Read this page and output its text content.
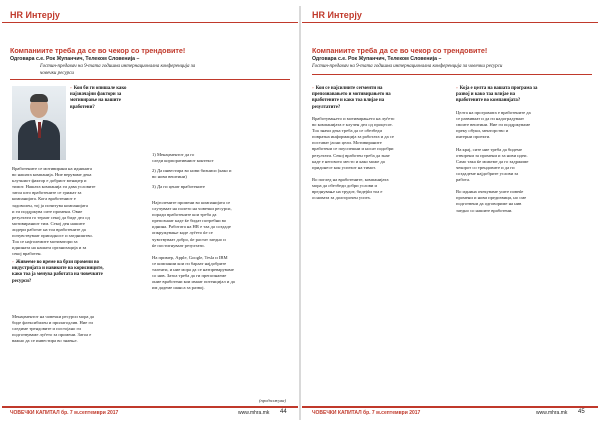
HR Интерју
Компаниите треба да се во чекор со трендовите!
Одговара с.е. Рок Жупанчич, Телеком Словенија –
Гостин-предавач на 9-тата годишна интернационална конференција за
човечки ресурси
▫ Кои би ги опишале како најзначајни фактори за мотивирање на вашите вработени?
Вработените се мотивирани на иднината
во нашата компанија. Ние веруваме дека
клучниот фактор е добриот менаџер и
тимот. Нашата компанија ги дава условите
затоа што вработените се грижат за
компанијата. Кога вработениот е
задоволен, тој ја почитува компанијата
и ги поддржува сите промени. Овие
резултати го тераат секој да биде дел од
мотивираниот тим. Секој ден нашите
лидери работат на тоа вработените да
почувствуваат припадност и заедништво.
Тоа се најголемите мотиватори за
иднината на нашата организација и за
секој вработен.
▫ Живееме во време на брзи промени во
индустријата и навиките на корисниците,
како тоа ја менува работата на човечките
ресурси?
Менаџментот на човечки ресурси мора да
биде флексибилен и прилагодлив. Ние ги
следиме трендовите и постојано ги
подготвуваме луѓето за промени. Затоа е
важно да се инвестира во знаење.
1) Менаџментот да го
следи корпоративниот контекст
2) Да инвестира во нови бизниси (како и
во нови вештини)
3) Да ги ценат вработените
Најголемите промени во компанијата се
случуваат на полето на човечки ресурси,
поради вработените кои треба да
препознаат каде ќе бидат потребни во
иднина. Работата на HR е таа да создаде
опкружување каде луѓето ќе се
чувствуваат добро, ќе растат заедно и
ќе постигнуваат резултати.

На пример, Apple, Google, Tesla и IBM
се компании кои ги бараат најдобрите
таленти, и ние мора да се натпреваруваме
со нив. Затоа треба да ги препознаеме
оние вработени кои имаат потенцијал и да
им дадеме шанса за развој.
(продолжува)
ЧОВЕЧКИ КАПИТАЛ бр. 7 м.септември 2017	www.mhra.mk 44
HR Интерју
Компаниите треба да се во чекор со трендовите!
Одговара с.е. Рок Жупанчич, Телеком Словенија –
Гостин-предавач на 9-тата годишна интернационална конференција за човечки ресурси
▫ Кои се најсилните сегменти на
препознавањето и мотивирањето на
вработените и како тоа влијае на
резултатите?
Вработувањето и мотивирањето на луѓето
во компанијата е клучен дел од процесот.
Тоа значи дека треба да се обезбеди
повратна информација за работата и да се
постават јасни цели. Мотивираните
вработени се поуспешни и носат подобри
резултати. Секој вработен треба да знае
каде е неговото место и како може да
придонесе кон успехот на тимот.

Во поглед на вработените, компанијата
мора да обезбеди добри услови и
вреднување на трудот, бидејќи тоа е
основата за долгорочен успех.
▫ Која е целта на вашата програма за
развој и како таа влијае на
вработените во компанијата?
Целта на програмата е вработените да
се развиваат и да ги надоградуваат
своите вештини. Ние ги поддржуваме
преку обуки, менторство и
интерни проекти.

На крај, сите ние треба да бидеме
отворени за промени и за нови идеи.
Само така ќе можеме да го задржиме
чекорот со трендовите и да ги
создадеме најдобрите услови за
работа.

Во иднина очекуваме уште повеќе
промени и нови предизвици, но сме
подготвени да одговориме на нив
заедно со нашите вработени.
ЧОВЕЧКИ КАПИТАЛ бр. 7 м.септември 2017	www.mhra.mk 45
